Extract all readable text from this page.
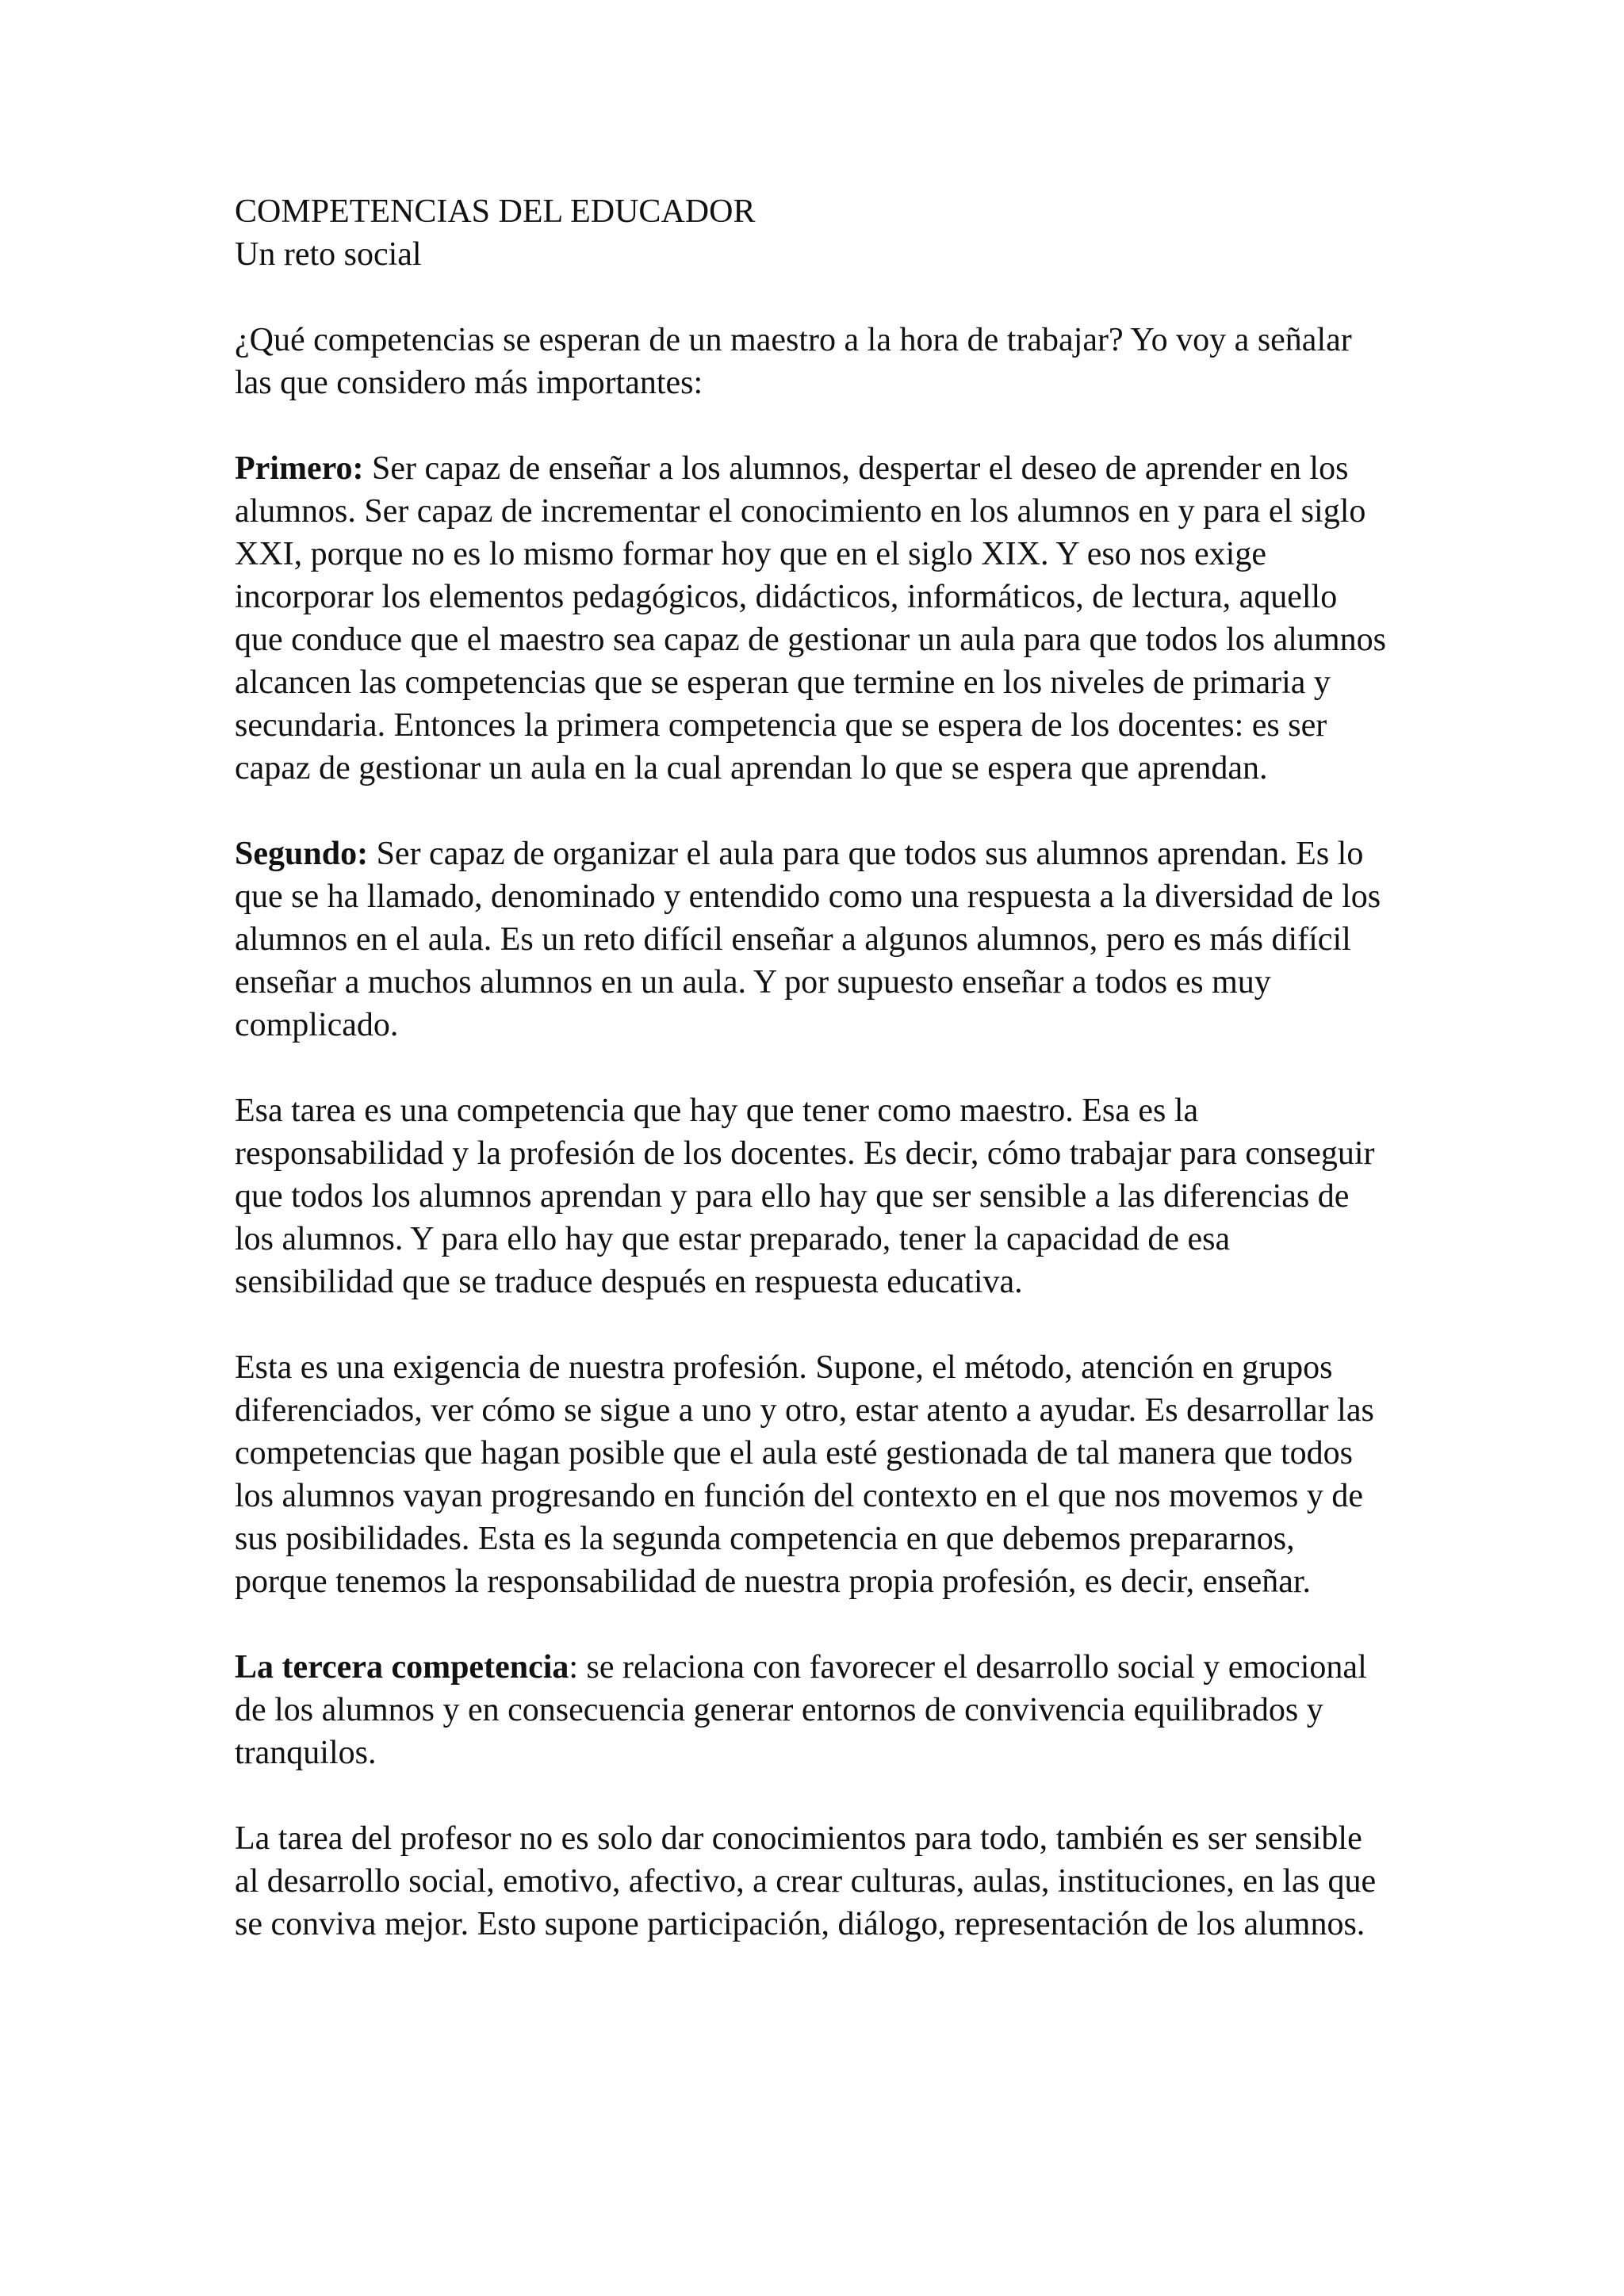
COMPETENCIAS DEL EDUCADOR
Un reto social

¿Qué competencias se esperan de un maestro a la hora de trabajar? Yo voy a señalar las que considero más importantes:

Primero: Ser capaz de enseñar a los alumnos, despertar el deseo de aprender en los alumnos. Ser capaz de incrementar el conocimiento en los alumnos en y para el siglo XXI, porque no es lo mismo formar hoy que en el siglo XIX. Y eso nos exige incorporar los elementos pedagógicos, didácticos, informáticos, de lectura, aquello que conduce que el maestro sea capaz de gestionar un aula para que todos los alumnos alcancen las competencias que se esperan que termine en los niveles de primaria y secundaria. Entonces la primera competencia que se espera de los docentes: es ser capaz de gestionar un aula en la cual aprendan lo que se espera que aprendan.

Segundo: Ser capaz de organizar el aula para que todos sus alumnos aprendan. Es lo que se ha llamado, denominado y entendido como una respuesta a la diversidad de los alumnos en el aula. Es un reto difícil enseñar a algunos alumnos, pero es más difícil enseñar a muchos alumnos en un aula. Y por supuesto enseñar a todos es muy complicado.

Esa tarea es una competencia que hay que tener como maestro. Esa es la responsabilidad y la profesión de los docentes. Es decir, cómo trabajar para conseguir que todos los alumnos aprendan y para ello hay que ser sensible a las diferencias de los alumnos. Y para ello hay que estar preparado, tener la capacidad de esa sensibilidad que se traduce después en respuesta educativa.

Esta es una exigencia de nuestra profesión. Supone, el método, atención en grupos diferenciados, ver cómo se sigue a uno y otro, estar atento a ayudar. Es desarrollar las competencias que hagan posible que el aula esté gestionada de tal manera que todos los alumnos vayan progresando en función del contexto en el que nos movemos y de sus posibilidades. Esta es la segunda competencia en que debemos prepararnos, porque tenemos la responsabilidad de nuestra propia profesión, es decir, enseñar.

La tercera competencia: se relaciona con favorecer el desarrollo social y emocional de los alumnos y en consecuencia generar entornos de convivencia equilibrados y tranquilos.

La tarea del profesor no es solo dar conocimientos para todo, también es ser sensible al desarrollo social, emotivo, afectivo, a crear culturas, aulas, instituciones, en las que se conviva mejor. Esto supone participación, diálogo, representación de los alumnos.
